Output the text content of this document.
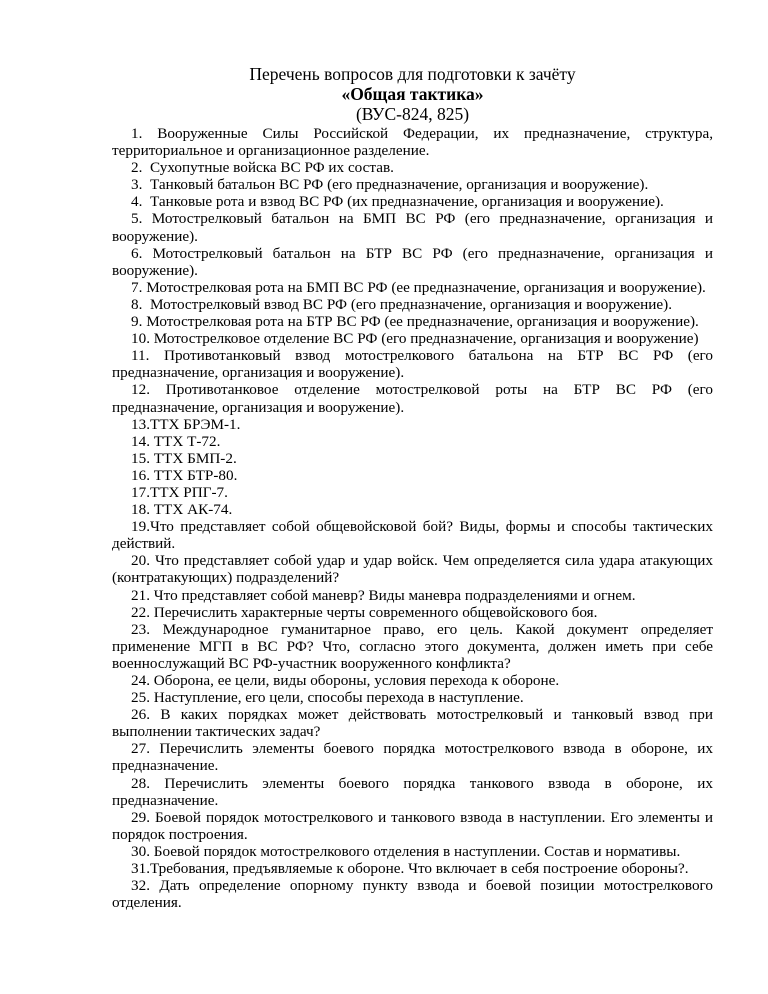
Перечень вопросов для подготовки к зачёту

«Общая тактика»

(ВУС-824, 825)

1. Вооруженные Силы Российской Федерации, их предназначение, структура, территориальное и организационное разделение.

2.  Сухопутные войска ВС РФ их состав.

3.  Танковый батальон ВС РФ (его предназначение, организация и вооружение).

4.  Танковые рота и взвод ВС РФ (их предназначение, организация и вооружение).

5. Мотострелковый батальон на БМП ВС РФ (его предназначение, организация и вооружение).

6. Мотострелковый батальон на БТР ВС РФ (его предназначение, организация и вооружение).

7. Мотострелковая рота на БМП ВС РФ (ее предназначение, организация и вооружение).

8.  Мотострелковый взвод ВС РФ (его предназначение, организация и вооружение).

9. Мотострелковая рота на БТР ВС РФ (ее предназначение, организация и вооружение).

10. Мотострелковое отделение ВС РФ (его предназначение, организация и вооружение)

11. Противотанковый взвод мотострелкового батальона на БТР ВС РФ (его предназначение, организация и вооружение).

12. Противотанковое отделение мотострелковой роты на БТР ВС РФ (его предназначение, организация и вооружение).

13.ТТХ БРЭМ-1.

14. ТТХ Т-72.

15. ТТХ БМП-2.

16. ТТХ БТР-80.

17.ТТХ РПГ-7.

18. ТТХ АК-74.

19.Что представляет собой общевойсковой бой? Виды, формы и способы тактических действий.

20. Что представляет собой удар и удар войск. Чем определяется сила удара атакующих (контратакующих) подразделений?

21. Что представляет собой маневр? Виды маневра подразделениями и огнем.

22. Перечислить характерные черты современного общевойскового боя.

23. Международное гуманитарное право, его цель. Какой документ определяет применение МГП в ВС РФ? Что, согласно этого документа, должен иметь при себе военнослужащий ВС РФ-участник вооруженного конфликта?

24. Оборона, ее цели, виды обороны, условия перехода к обороне.

25. Наступление, его цели, способы перехода в наступление.

26. В каких порядках может действовать мотострелковый и танковый взвод при выполнении тактических задач?

27. Перечислить элементы боевого порядка мотострелкового взвода в обороне, их предназначение.

28. Перечислить элементы боевого порядка танкового взвода в обороне, их предназначение.

29. Боевой порядок мотострелкового и танкового взвода в наступлении. Его элементы и порядок построения.

30. Боевой порядок мотострелкового отделения в наступлении. Состав и нормативы.

31.Требования, предъявляемые к обороне. Что включает в себя построение обороны?.

32. Дать определение опорному пункту взвода и боевой позиции мотострелкового отделения.
